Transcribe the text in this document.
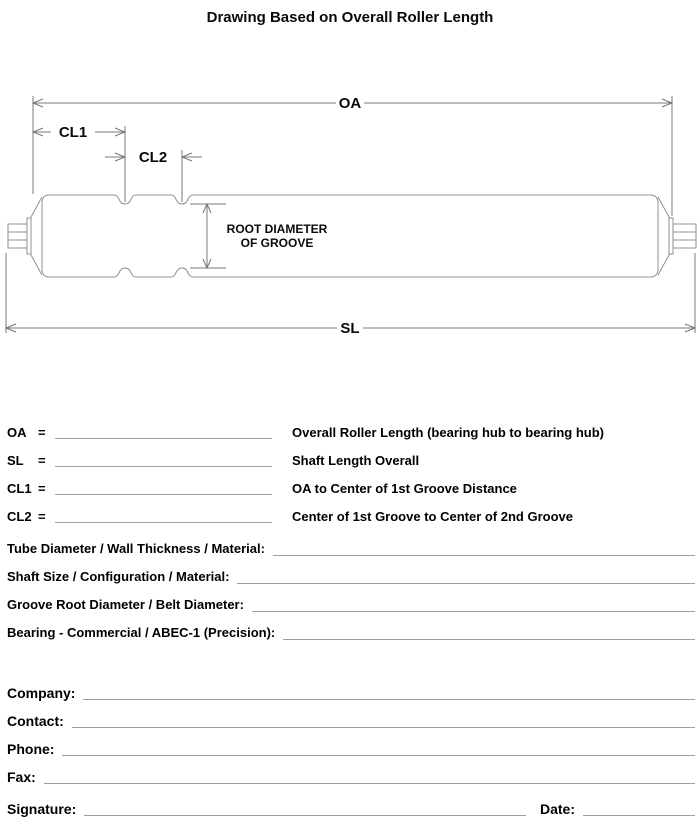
Drawing Based on Overall Roller Length
OA
CL1
CL2
SL
ROOT DIAMETER
OF GROOVE
OA =	Overall Roller Length (bearing hub to bearing hub)
SL =	Shaft Length Overall
CL1 =	OA to Center of 1st Groove Distance
CL2 =	Center of 1st Groove to Center of 2nd Groove
Tube Diameter / Wall Thickness / Material:
Shaft Size / Configuration / Material:
Groove Root Diameter / Belt Diameter:
Bearing - Commercial / ABEC-1 (Precision):
Company:
Contact:
Phone:
Fax:
Signature:	Date:
